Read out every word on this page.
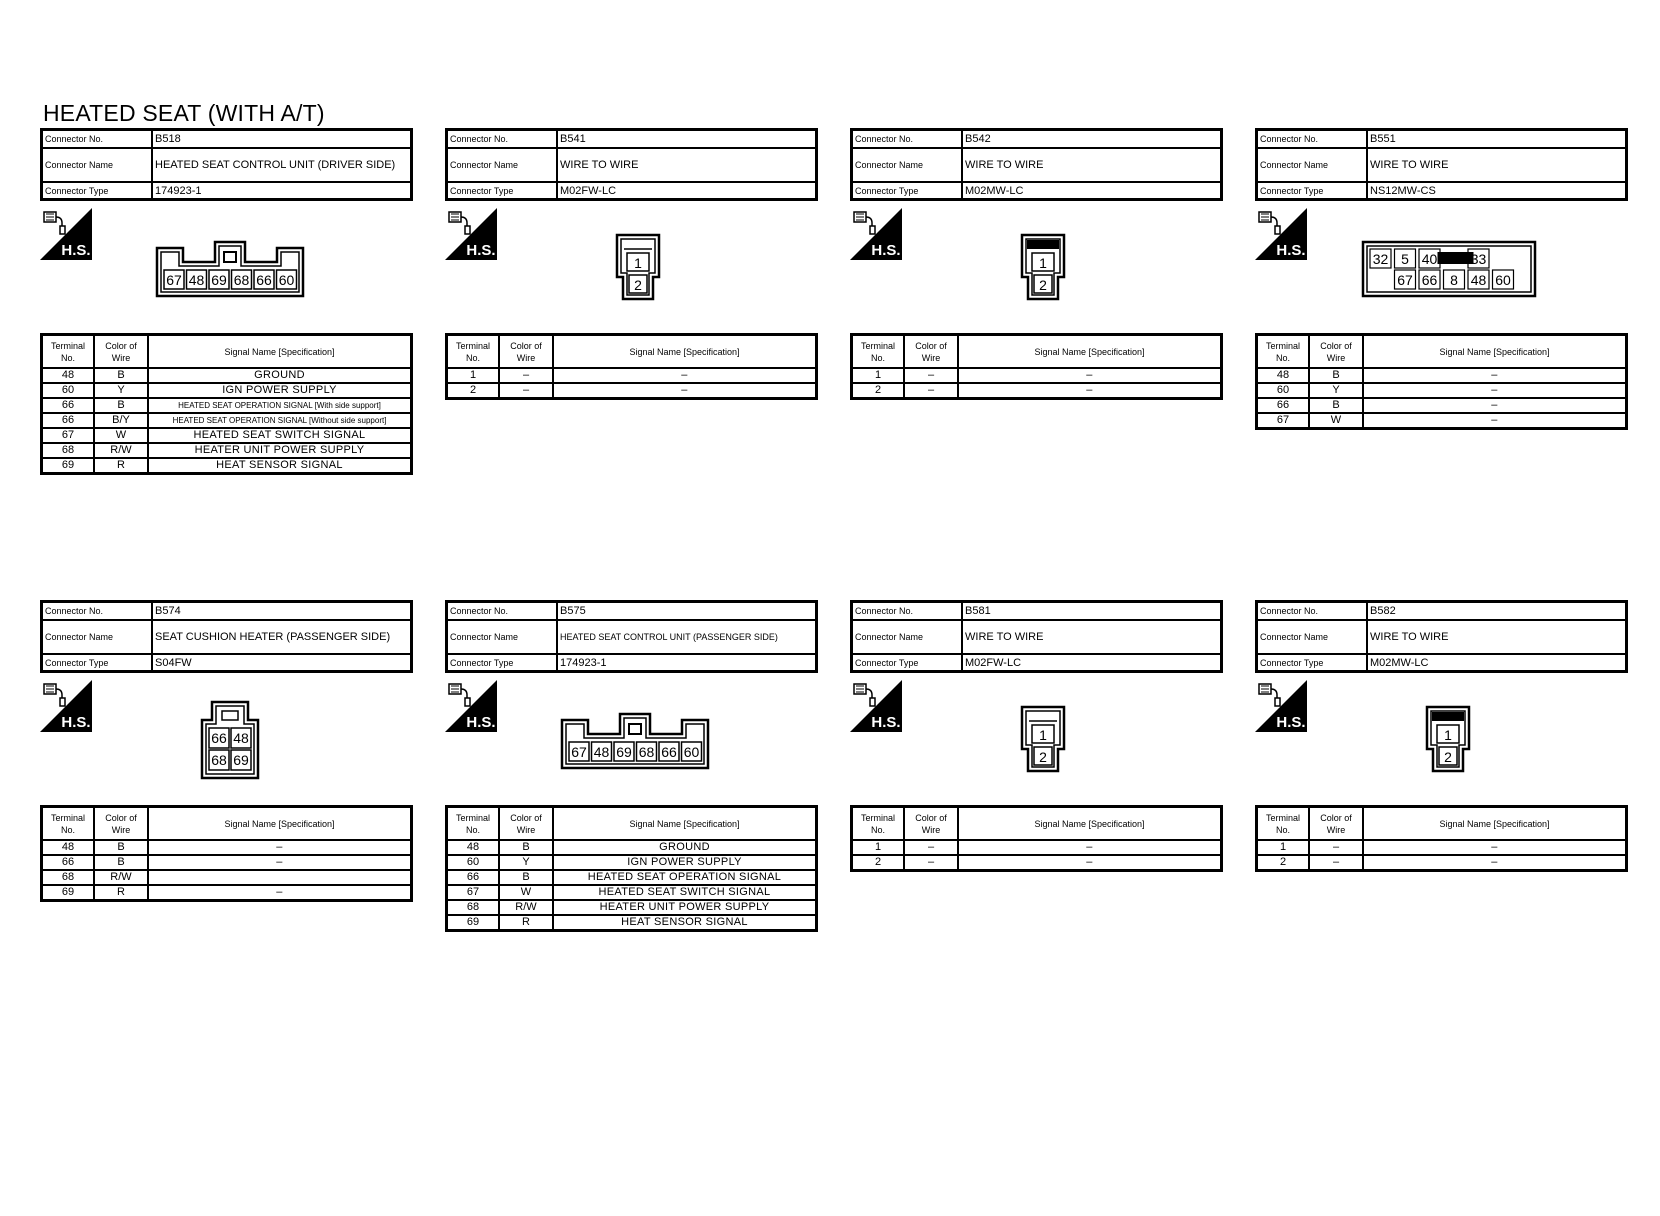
HEATED SEAT (WITH A/T)
Connector No.	B518
Connector Name	HEATED SEAT CONTROL UNIT (DRIVER SIDE)
Connector Type	174923-1
H.S.
67 48 69 68 66 60
Terminal No.	Color of Wire	Signal Name [Specification]
48	B	GROUND
60	Y	IGN POWER SUPPLY
66	B	HEATED SEAT OPERATION SIGNAL [With side support]
66	B/Y	HEATED SEAT OPERATION SIGNAL [Without side support]
67	W	HEATED SEAT SWITCH SIGNAL
68	R/W	HEATER UNIT POWER SUPPLY
69	R	HEAT SENSOR SIGNAL
Connector No.	B541
Connector Name	WIRE TO WIRE
Connector Type	M02FW-LC
H.S.
1
2
Terminal No.	Color of Wire	Signal Name [Specification]
1	–	–
2	–	–
Connector No.	B542
Connector Name	WIRE TO WIRE
Connector Type	M02MW-LC
H.S.
1
2
Terminal No.	Color of Wire	Signal Name [Specification]
1	–	–
2	–	–
Connector No.	B551
Connector Name	WIRE TO WIRE
Connector Type	NS12MW-CS
H.S.	32 5 40 33
67 66 8 48 60
Terminal No.	Color of Wire	Signal Name [Specification]
48	B	–
60	Y	–
66	B	–
67	W	–
Connector No.	B574
Connector Name	SEAT CUSHION HEATER (PASSENGER SIDE)
Connector Type	S04FW
H.S.
66 48
68 69
Terminal No.	Color of Wire	Signal Name [Specification]
48	B	–
66	B	–
68	R/W	
69	R	–
Connector No.	B575
Connector Name	HEATED SEAT CONTROL UNIT (PASSENGER SIDE)
Connector Type	174923-1
H.S.
67 48 69 68 66 60
Terminal No.	Color of Wire	Signal Name [Specification]
48	B	GROUND
60	Y	IGN POWER SUPPLY
66	B	HEATED SEAT OPERATION SIGNAL
67	W	HEATED SEAT SWITCH SIGNAL
68	R/W	HEATER UNIT POWER SUPPLY
69	R	HEAT SENSOR SIGNAL
Connector No.	B581
Connector Name	WIRE TO WIRE
Connector Type	M02FW-LC
H.S.
1
2
Terminal No.	Color of Wire	Signal Name [Specification]
1	–	–
2	–	–
Connector No.	B582
Connector Name	WIRE TO WIRE
Connector Type	M02MW-LC
H.S.
1
2
Terminal No.	Color of Wire	Signal Name [Specification]
1	–	–
2	–	–
